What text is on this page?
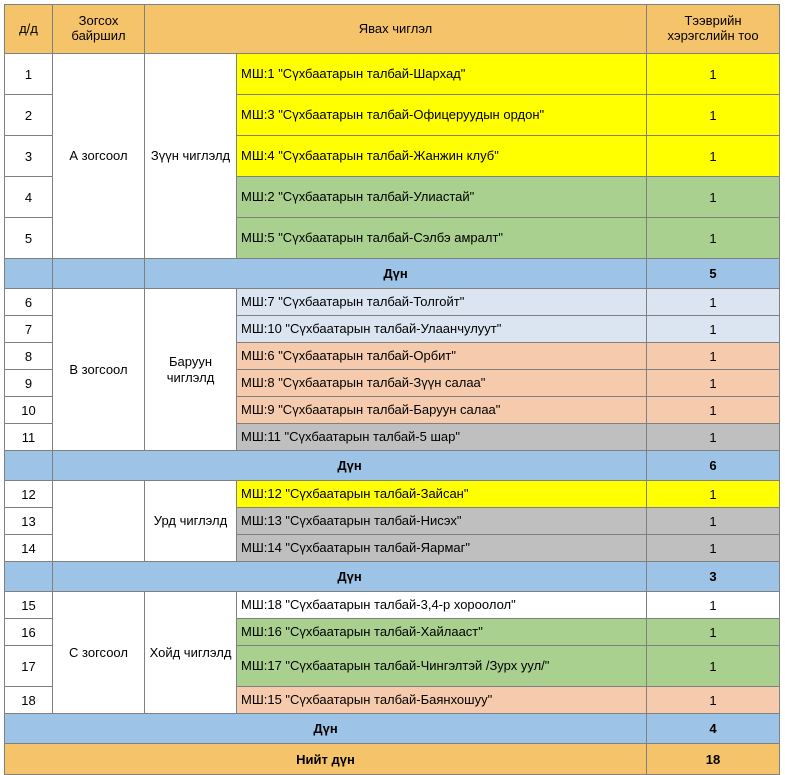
д/д	Зогсох байршил	Явах чиглэл		Тээврийн хэрэгслийн тоо
1	А зогсоол	Зүүн чиглэлд	МШ:1 "Сүхбаатарын талбай-Шархад"	1
2			МШ:3 "Сүхбаатарын талбай-Офицеруудын ордон"	1
3			МШ:4 "Сүхбаатарын талбай-Жанжин клуб"	1
4			МШ:2 "Сүхбаатарын талбай-Улиастай"	1
5			МШ:5 "Сүхбаатарын талбай-Сэлбэ амралт"	1
		Дүн		5
6	В зогсоол	Баруун чиглэлд	МШ:7 "Сүхбаатарын талбай-Толгойт"	1
7			МШ:10 "Сүхбаатарын талбай-Улаанчулуут"	1
8			МШ:6 "Сүхбаатарын талбай-Орбит"	1
9			МШ:8 "Сүхбаатарын талбай-Зүүн салаа"	1
10			МШ:9 "Сүхбаатарын талбай-Баруун салаа"	1
11			МШ:11 "Сүхбаатарын талбай-5 шар"	1
	Дүн			6
12		Урд чиглэлд	МШ:12 "Сүхбаатарын талбай-Зайсан"	1
13			МШ:13 "Сүхбаатарын талбай-Нисэх"	1
14			МШ:14 "Сүхбаатарын талбай-Яармаг"	1
	Дүн			3
15	С зогсоол	Хойд чиглэлд	МШ:18 "Сүхбаатарын талбай-3,4-р хороолол"	1
16			МШ:16 "Сүхбаатарын талбай-Хайлааст"	1
17			МШ:17 "Сүхбаатарын талбай-Чингэлтэй /Зурх уул/"	1
18			МШ:15 "Сүхбаатарын талбай-Баянхошуу"	1
Дүн				4
Нийт дүн				18
